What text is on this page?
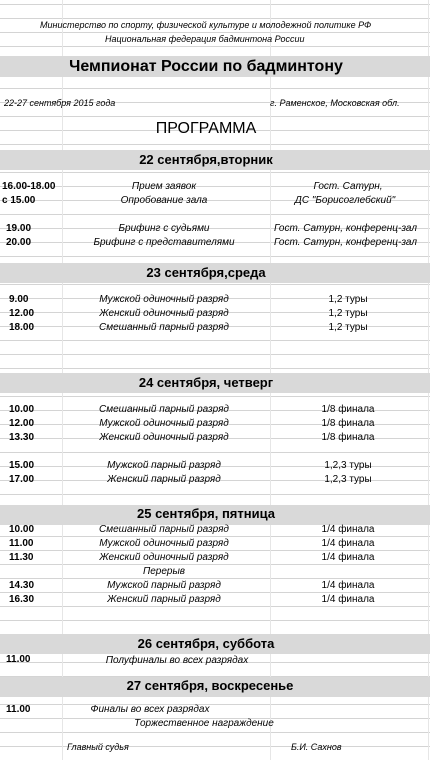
Министерство по спорту, физической культуре и молодежной политике РФ
Национальная федерация бадминтона России
Чемпионат России по бадминтону
22-27 сентября 2015 года	г. Раменское, Московская обл.
ПРОГРАММА
22 сентября,вторник
16.00-18.00	Прием заявок	Гост. Сатурн,
с 15.00	Опробование зала	ДС "Борисоглебский"
19.00	Брифинг с судьями	Гост. Сатурн, конференц-зал
20.00	Брифинг с представителями	Гост. Сатурн, конференц-зал
23 сентября,среда
9.00	Мужской одиночный разряд	1,2 туры
12.00	Женский одиночный разряд	1,2 туры
18.00	Смешанный парный разряд	1,2 туры
24 сентября, четверг
10.00	Смешанный парный разряд	1/8 финала
12.00	Мужской одиночный разряд	1/8 финала
13.30	Женский одиночный разряд	1/8 финала
15.00	Мужской парный разряд	1,2,3 туры
17.00	Женский парный разряд	1,2,3 туры
25 сентября, пятница
10.00	Смешанный парный разряд	1/4 финала
11.00	Мужской одиночный разряд	1/4 финала
11.30	Женский одиночный разряд	1/4 финала
Перерыв
14.30	Мужской парный разряд	1/4 финала
16.30	Женский парный разряд	1/4 финала
26 сентября, суббота
11.00	Полуфиналы во всех разрядах
27 сентября, воскресенье
11.00	Финалы во всех разрядах
Торжественное награждение
Главный судья	Б.И. Сахнов
